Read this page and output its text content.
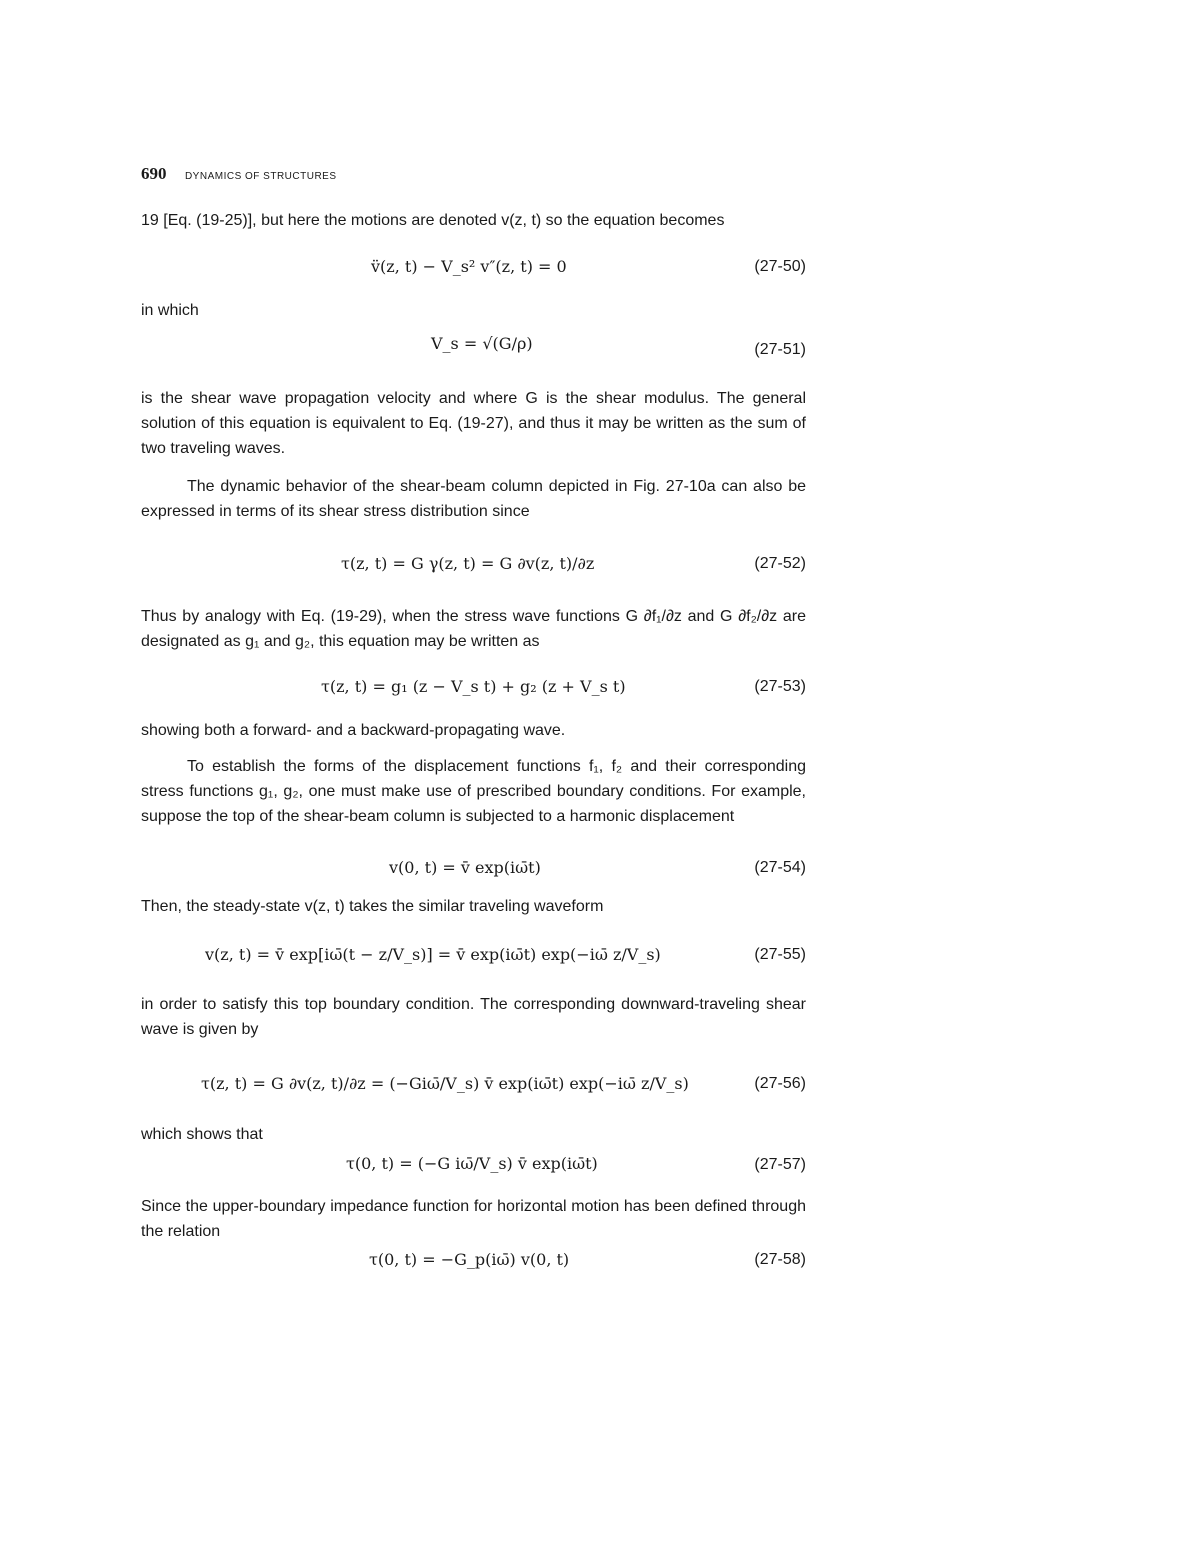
690 DYNAMICS OF STRUCTURES

19 [Eq. (19-25)], but here the motions are denoted v(z, t) so the equation becomes

v̈(z, t) − V_s² v″(z, t) = 0	(27-50)

in which

V_s = √(G/ρ)	(27-51)

is the shear wave propagation velocity and where G is the shear modulus. The general solution of this equation is equivalent to Eq. (19-27), and thus it may be written as the sum of two traveling waves.

The dynamic behavior of the shear-beam column depicted in Fig. 27-10a can also be expressed in terms of its shear stress distribution since

τ(z, t) = G γ(z, t) = G ∂v(z, t)/∂z	(27-52)

Thus by analogy with Eq. (19-29), when the stress wave functions G ∂f₁/∂z and G ∂f₂/∂z are designated as g₁ and g₂, this equation may be written as

τ(z, t) = g₁ (z − V_s t) + g₂ (z + V_s t)	(27-53)

showing both a forward- and a backward-propagating wave.

To establish the forms of the displacement functions f₁, f₂ and their corresponding stress functions g₁, g₂, one must make use of prescribed boundary conditions. For example, suppose the top of the shear-beam column is subjected to a harmonic displacement

v(0, t) = v̄ exp(iω̄t)	(27-54)

Then, the steady-state v(z, t) takes the similar traveling waveform

v(z, t) = v̄ exp[iω̄(t − z/V_s)] = v̄ exp(iω̄t) exp(−iω̄ z/V_s)	(27-55)

in order to satisfy this top boundary condition. The corresponding downward-traveling shear wave is given by

τ(z, t) = G ∂v(z, t)/∂z = (−Giω̄/V_s) v̄ exp(iω̄t) exp(−iω̄ z/V_s)	(27-56)

which shows that

τ(0, t) = (−G iω̄/V_s) v̄ exp(iω̄t)	(27-57)

Since the upper-boundary impedance function for horizontal motion has been defined through the relation

τ(0, t) = −G_p(iω̄) v(0, t)	(27-58)
